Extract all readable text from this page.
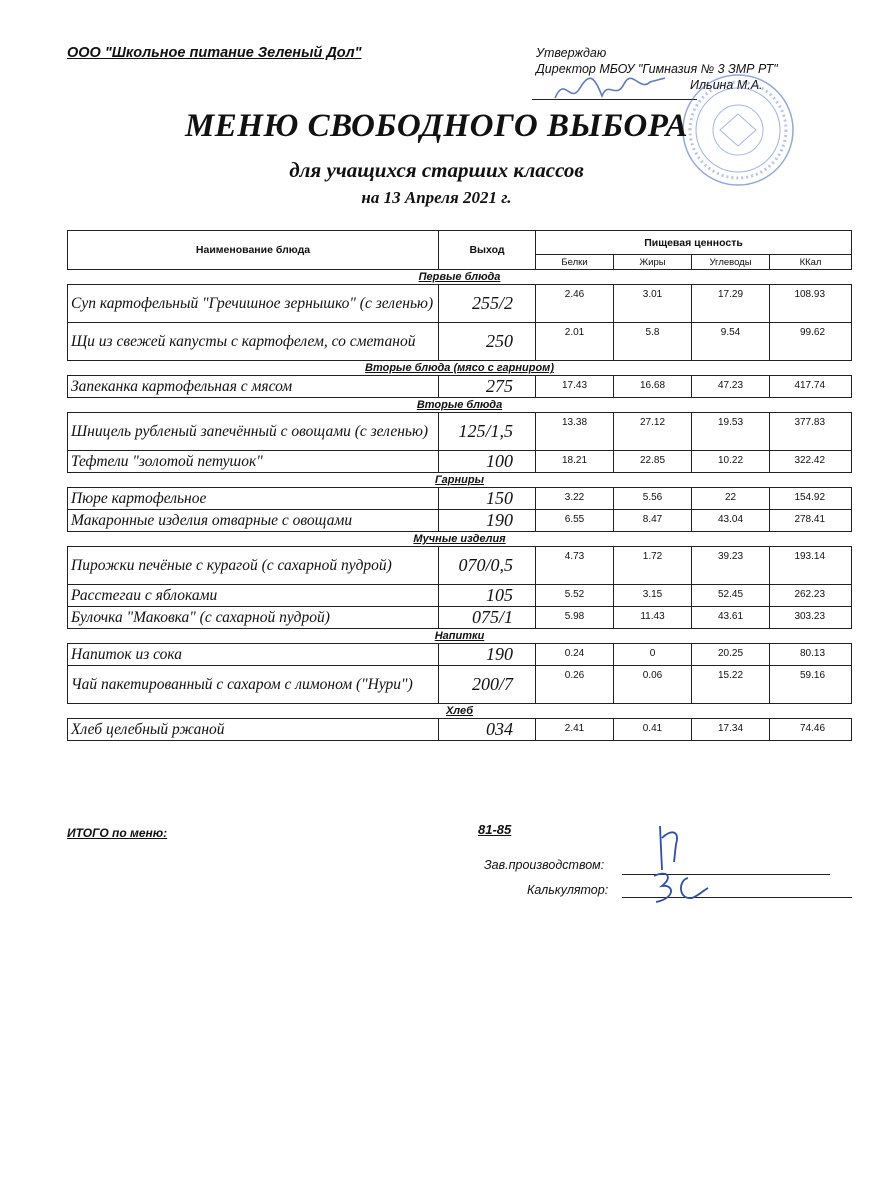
ООО "Школьное питание Зеленый Дол"	Утверждаю
Директор МБОУ "Гимназия № 3 ЗМР РТ"
Ильина М.А.
МЕНЮ СВОБОДНОГО ВЫБОРА
для учащихся старших классов
на 13 Апреля 2021 г.
Наименование блюда	Выход	Пищевая ценность			
		Белки	Жиры	Углеводы	ККал
Первые блюда					
Суп картофельный "Гречишное зернышко" (с зеленью)	255/2	2.46	3.01	17.29	108.93
Щи из свежей капусты с картофелем, со сметаной	250	2.01	5.8	9.54	99.62
Вторые блюда (мясо с гарниром)					
Запеканка картофельная с мясом	275	17.43	16.68	47.23	417.74
Вторые блюда					
Шницель рубленый запечённый с овощами (с зеленью)	125/1,5	13.38	27.12	19.53	377.83
Тефтели "золотой петушок"	100	18.21	22.85	10.22	322.42
Гарниры					
Пюре картофельное	150	3.22	5.56	22	154.92
Макаронные изделия отварные с овощами	190	6.55	8.47	43.04	278.41
Мучные изделия					
Пирожки печёные с курагой (с сахарной пудрой)	070/0,5	4.73	1.72	39.23	193.14
Расстегаи с яблоками	105	5.52	3.15	52.45	262.23
Булочка "Маковка" (с сахарной пудрой)	075/1	5.98	11.43	43.61	303.23
Напитки					
Напиток из сока	190	0.24	0	20.25	80.13
Чай пакетированный с сахаром с лимоном ("Нури")	200/7	0.26	0.06	15.22	59.16
Хлеб					
Хлеб целебный ржаной	034	2.41	0.41	17.34	74.46
ИТОГО по меню:	81-85
Зав.производством:
Калькулятор:
